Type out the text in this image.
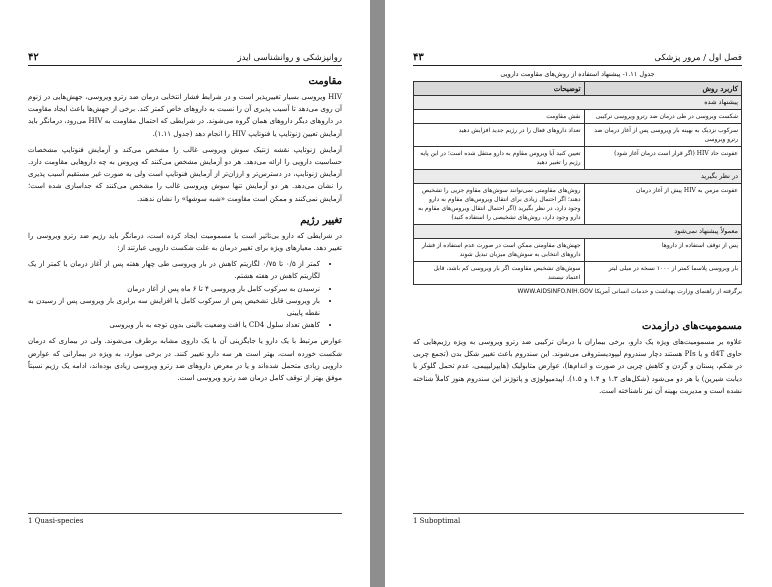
۴۲	روانپزشکی و روانشناسی ایدز
مقاومت

HIV ویروسی بسیار تغییرپذیر است و در شرایط فشار انتخابی درمان ضد رترو ویروسی، جهش‌هایی در ژنوم آن روی می‌دهد تا آسیب پذیری آن را نسبت به داروهای خاص کمتر کند. برخی از جهش‌ها باعث ایجاد مقاومت در داروهای دیگر داروهای همان گروه می‌شوند. در شرایطی که احتمال مقاومت به HIV می‌رود، درمانگر باید آزمایش تعیین ژنوتایپ یا فنوتایپ HIV را انجام دهد (جدول ۱.۱۱).

آزمایش ژنوتایپ نقشه ژنتیک سوش ویروسی غالب را مشخص می‌کند و آزمایش فنوتایپ مشخصات حساسیت دارویی را ارائه می‌دهد. هر دو آزمایش مشخص می‌کنند که ویروس به چه داروهایی مقاومت دارد. آزمایش ژنوتایپ، در دسترس‌تر و ارزان‌تر از آزمایش فنوتایپ است ولی به صورت غیر مستقیم آسیب پذیری را نشان می‌دهد. هر دو آزمایش تنها سوش ویروسی غالب را مشخص می‌کنند که جداسازی شده است؛ آزمایش نمی‌کنند و ممکن است مقاومت «شبه سوشها» را نشان ندهند.

تغییر رژیم

در شرایطی که دارو بی‌تاثیر است یا مسمومیت ایجاد کرده است، درمانگر باید رژیم ضد رترو ویروسی را تغییر دهد. معیارهای ویژه برای تغییر درمان به علت شکست دارویی عبارتند از:

• کمتر از ۰/۵ تا ۰/۷۵ لگاریتم کاهش در بار ویروسی طی چهار هفته پس از آغاز درمان یا کمتر از یک لگاریتم کاهش در هفته هشتم.
• نرسیدن به سرکوب کامل بار ویروسی ۴ تا ۶ ماه پس از آغاز درمان
• بار ویروسی قابل تشخیص پس از سرکوب کامل یا افزایش سه برابری بار ویروسی پس از رسیدن به نقطه پایینی
• کاهش تعداد سلول CD4 یا افت وضعیت بالینی بدون توجه به بار ویروسی

عوارض مرتبط با یک دارو یا جایگزینی آن با یک داروی مشابه برطرف می‌شوند. ولی در بیماری که درمان شکست خورده است، بهتر است هر سه دارو تغییر کنند. در برخی موارد، به ویژه در بیمارانی که عوارض دارویی زیادی متحمل شده‌اند و یا در معرض داروهای ضد رترو ویروسی زیادی بوده‌اند، ادامه یک رژیم نسبتاً موفق بهتر از توقف کامل درمان ضد رترو ویروسی است.

1 Quasi-species
۴۳	فصل اول / مرور پزشکی
جدول ۱.۱۱- پیشنهاد استفاده از روش‌های مقاومت دارویی
کاربرد روش	توضیحات
پیشنهاد شده	
شکست ویروسی در طی درمان ضد رترو ویروسی ترکیبی	نقش مقاومت
سرکوب نزدیک به بهینه بار ویروسی پس از آغاز درمان ضد رترو ویروسی	تعداد داروهای فعال را در رژیم جدید افزایش دهید
عفونت حاد HIV (اگر قرار است درمان آغاز شود)	تعیین کنید آیا ویروس مقاوم به دارو منتقل شده است؛ در این پایه رژیم را تغییر دهید
در نظر بگیرید	
عفونت مزمن به HIV پیش از آغاز درمان	روش‌های مقاومتی نمی‌توانند سوش‌های مقاوم جزیی را تشخیص دهند؛ اگر احتمال زیادی برای انتقال ویروس‌های مقاوم به دارو وجود دارد، در نظر بگیرید (اگر احتمال انتقال ویروس‌های مقاوم به دارو وجود دارد، روش‌های تشخیصی را استفاده کنید)
معمولاً پیشنهاد نمی‌شود	
پس از توقف استفاده از داروها	جهش‌های مقاومتی ممکن است در صورت عدم استفاده از فشار داروهای انتخابی به سوش‌های میزبان تبدیل شوند
بار ویروسی پلاسما کمتر از ۱۰۰۰ نسخه در میلی لیتر	سوش‌های تشخیص مقاومت اگر بار ویروسی کم باشد، قابل اعتماد نیستند
برگرفته از راهنمای وزارت بهداشت و خدمات انسانی آمریکا WWW.AIDSINFO.NIH.GOV
مسمومیت‌های درازمدت

علاوه بر مسمومیت‌های ویژه یک دارو، برخی بیماران با درمان ترکیبی ضد رترو ویروسی به ویژه رژیم‌هایی که حاوی d4T و یا PIs هستند دچار سندروم لیپودیستروفی می‌شوند. این سندروم باعث تغییر شکل بدن (تجمع چربی در شکم، پستان و گردن و کاهش چربی در صورت و اندام‌ها)، عوارض متابولیک (هایپرلیپیمی، عدم تحمل گلوکز یا دیابت شیرین) یا هر دو می‌شود (شکل‌های ۱.۳ و ۱.۴ و ۱.۵). اپیدمیولوژی و پاتوژنز این سندروم هنوز کاملاً شناخته نشده است و مدیریت بهینه آن نیز ناشناخته است.

1 Suboptimal
